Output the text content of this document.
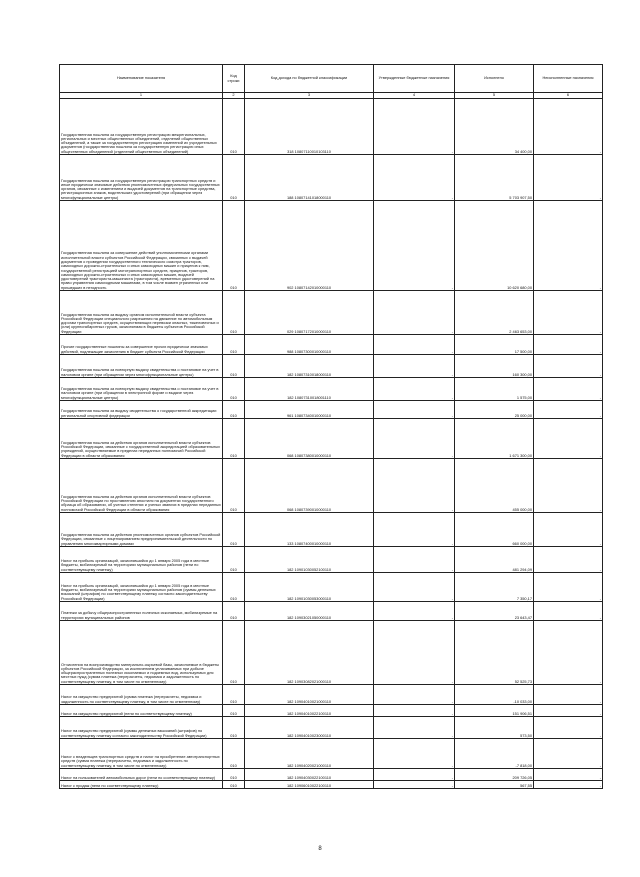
Наименование показателя	Код строки	Код дохода по бюджетной классификации	Утвержденные бюджетные назначения	Исполнено	Неисполненные назначения
1	2	3	4	5	6
Государственная пошлина за государственную регистрацию межрегиональных, региональных и местных общественных объединений, отделений общественных объединений, а также за государственную регистрацию изменений их учредительных документов (государственная пошлина за государственную регистрацию иных общественных объединений (отделений общественных объединений)	010	318 10807110010103110	-	34 400,00	-
Государственная пошлина за государственную регистрацию транспортных средств и иные юридически значимые действия уполномоченных федеральных государственных органов, связанные с изменением и выдачей документов на транспортные средства, регистрационных знаков, водительских удостоверений (при обращении через многофункциональные центры)	010	188 10807141018000110	-	5 703 907,50	-
Государственная пошлина за совершение действий уполномоченными органами исполнительной власти субъектов Российской Федерации, связанных с выдачей документов о проведении государственного технического осмотра тракторов, самоходных дорожно-строительных и иных самоходных машин и прицепов к ним, государственной регистрацией мототранспортных средств, прицепов, тракторов, самоходных дорожно-строительных и иных самоходных машин, выдачей удостоверений тракториста-машиниста (тракториста), временных удостоверений на право управления самоходными машинами, в том числе взамен утраченных или пришедших в негодность	010	902 10807142010000110	-	10 620 680,00	-
Государственная пошлина за выдачу органом исполнительной власти субъекта Российской Федерации специального разрешения на движение по автомобильным дорогам транспортных средств, осуществляющих перевозки опасных, тяжеловесных и (или) крупногабаритных грузов, зачисляемая в бюджеты субъектов Российской Федерации	010	029 10807172010000110	-	2 463 653,00	-
Прочие государственные пошлины за совершение прочих юридически значимых действий, подлежащие зачислению в бюджет субъекта Российской Федерации	010	988 10807300010000110	-	17 500,00	-
Государственная пошлина за повторную выдачу свидетельства о постановке на учет в налоговом органе (при обращении через многофункциональные центры)	010	182 10807310018000110	-	160 300,00	-
Государственная пошлина за повторную выдачу свидетельства о постановке на учет в налоговом органе (при обращении в электронной форме и выдаче через многофункциональные центры)	010	182 10807310018001110	-	1 575,00	-
Государственная пошлина за выдачу свидетельства о государственной аккредитации региональной спортивной федерации	010	961 10807340010000110	-	25 000,00	-
Государственная пошлина за действия органов исполнительной власти субъектов Российской Федерации, связанные с государственной аккредитацией образовательных учреждений, осуществляемые в пределах переданных полномочий Российской Федерации в области образования	010	068 10807380010000110	-	1 671 300,00	-
Государственная пошлина за действия органов исполнительной власти субъектов Российской Федерации по проставлению апостиля на документах государственного образца об образовании, об ученых степенях и ученых званиях в пределах переданных полномочий Российской Федерации в области образования	010	068 10807390010000110	-	455 000,00	-
Государственная пошлина за действия уполномоченных органов субъектов Российской Федерации, связанные с лицензированием предпринимательской деятельности по управлению многоквартирными домами	010	133 10807400010000110	-	660 000,00	-
Налог на прибыль организаций, зачислявшийся до 1 января 2005 года в местные бюджеты, мобилизуемый на территориях муниципальных районов (пени по соответствующему платежу)	010	182 10901030052100110	-	481 294,09	-
Налог на прибыль организаций, зачислявшийся до 1 января 2005 года в местные бюджеты, мобилизуемый на территориях муниципальных районов (суммы денежных взысканий (штрафов) по соответствующему платежу согласно законодательству Российской Федерации)	010	182 10901030053000110	-	7 350,17	-
Платежи за добычу общераспространенных полезных ископаемых, мобилизуемые на территориях муниципальных районов	010	182 10903021050000110	-	23 643,47	-
Отчисления на воспроизводство минерально-сырьевой базы, зачисляемые в бюджеты субъектов Российской Федерации, за исключением уплачиваемых при добыче общераспространенных полезных ископаемых и подземных вод, используемых для местных нужд (сумма платежа (перерасчеты, недоимка и задолженность по соответствующему платежу, в том числе по отмененному)	010	182 10903082021000110	-	52 525,73	-
Налог на имущество предприятий (сумма платежа (перерасчеты, недоимка и задолженность по соответствующему платежу, в том числе по отмененному)	010	182 10904010021000110	-	-10 033,00	-
Налог на имущество предприятий (пени по соответствующему платежу)	010	182 10904010022100110	-	151 906,51	-
Налог на имущество предприятий (суммы денежных взысканий (штрафов) по соответствующему платежу согласно законодательству Российской Федерации)	010	182 10904010023000110	-	573,50	-
Налог с владельцев транспортных средств и налог на приобретение автотранспортных средств (сумма платежа (перерасчеты, недоимка и задолженность по соответствующему платежу, в том числе по отмененному)	010	182 10904020021000110	-	-7 818,00	-
Налог на пользователей автомобильных дорог (пени по соответствующему платежу)	010	182 10904030022100110	-	209 726,05	-
Налог с продаж (пени по соответствующему платежу)	010	182 10906010022100110	-	567,55	-
8
